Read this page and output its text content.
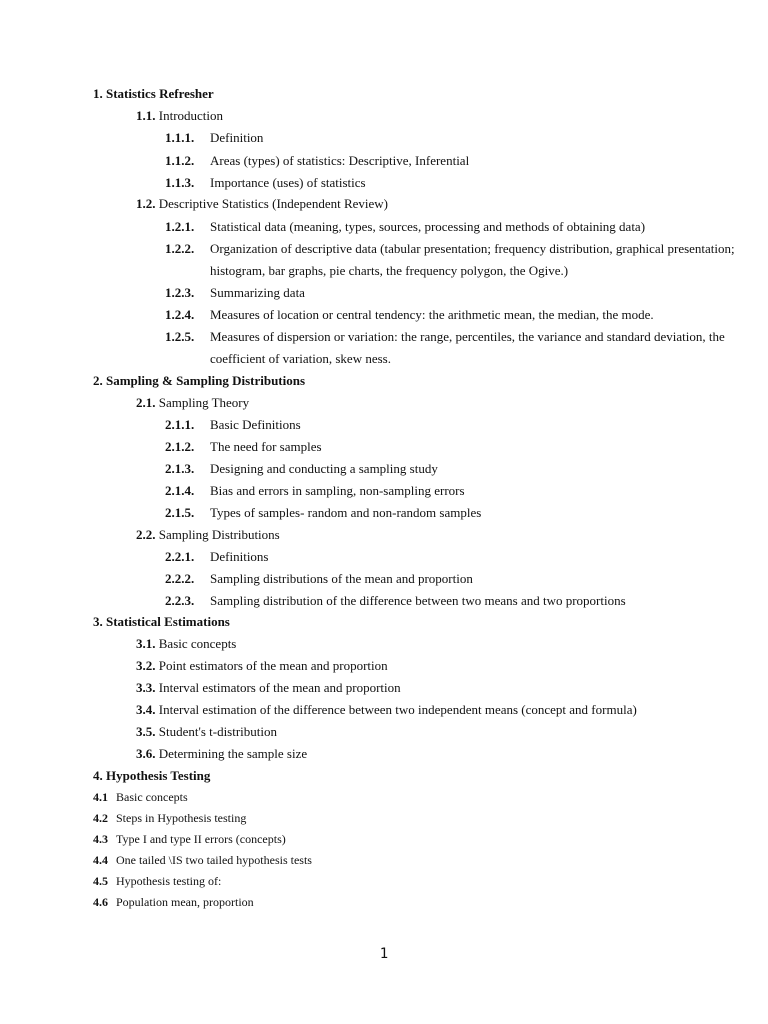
1. Statistics Refresher
1.1. Introduction
1.1.1. Definition
1.1.2. Areas (types) of statistics: Descriptive, Inferential
1.1.3. Importance (uses) of statistics
1.2. Descriptive Statistics (Independent Review)
1.2.1. Statistical data (meaning, types, sources, processing and methods of obtaining data)
1.2.2. Organization of descriptive data (tabular presentation; frequency distribution, graphical presentation; histogram, bar graphs, pie charts, the frequency polygon, the Ogive.)
1.2.3. Summarizing data
1.2.4. Measures of location or central tendency: the arithmetic mean, the median, the mode.
1.2.5. Measures of dispersion or variation: the range, percentiles, the variance and standard deviation, the coefficient of variation, skew ness.
2. Sampling & Sampling Distributions
2.1. Sampling Theory
2.1.1. Basic Definitions
2.1.2. The need for samples
2.1.3. Designing and conducting a sampling study
2.1.4. Bias and errors in sampling, non-sampling errors
2.1.5. Types of samples- random and non-random samples
2.2. Sampling Distributions
2.2.1. Definitions
2.2.2. Sampling distributions of the mean and proportion
2.2.3. Sampling distribution of the difference between two means and two proportions
3. Statistical Estimations
3.1. Basic concepts
3.2. Point estimators of the mean and proportion
3.3. Interval estimators of the mean and proportion
3.4. Interval estimation of the difference between two independent means (concept and formula)
3.5. Student's t-distribution
3.6. Determining the sample size
4. Hypothesis Testing
4.1 Basic concepts
4.2 Steps in Hypothesis testing
4.3 Type I and type II errors (concepts)
4.4 One tailed \IS two tailed hypothesis tests
4.5 Hypothesis testing of:
4.6 Population mean, proportion
1
